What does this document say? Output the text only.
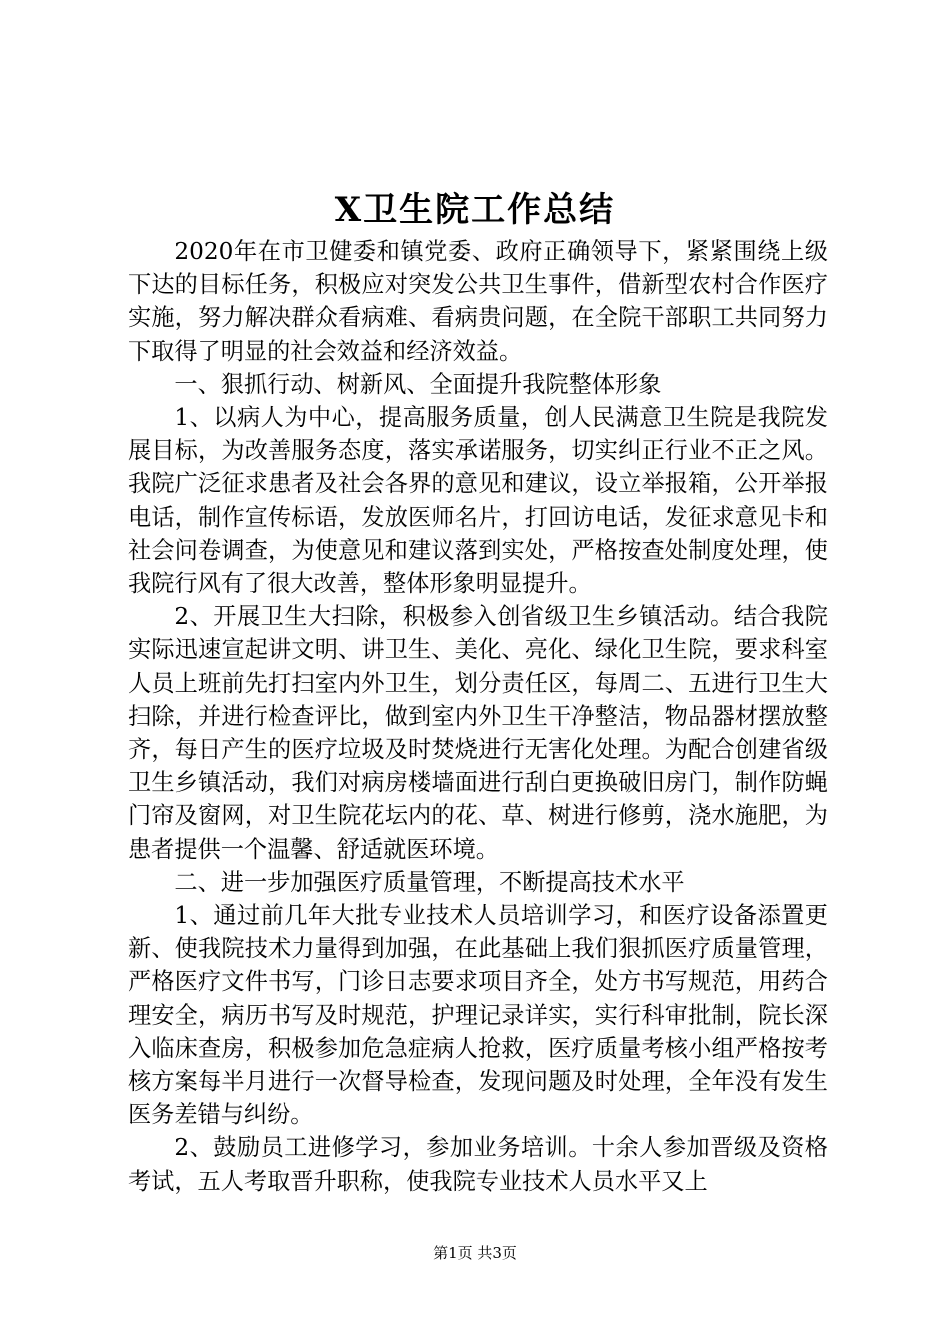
X卫生院工作总结

2020年在市卫健委和镇党委、政府正确领导下，紧紧围绕上级下达的目标任务，积极应对突发公共卫生事件，借新型农村合作医疗实施，努力解决群众看病难、看病贵问题，在全院干部职工共同努力下取得了明显的社会效益和经济效益。

一、狠抓行动、树新风、全面提升我院整体形象

1、以病人为中心，提高服务质量，创人民满意卫生院是我院发展目标，为改善服务态度，落实承诺服务，切实纠正行业不正之风。我院广泛征求患者及社会各界的意见和建议，设立举报箱，公开举报电话，制作宣传标语，发放医师名片，打回访电话，发征求意见卡和社会问卷调查，为使意见和建议落到实处，严格按查处制度处理，使我院行风有了很大改善，整体形象明显提升。

2、开展卫生大扫除，积极参入创省级卫生乡镇活动。结合我院实际迅速宣起讲文明、讲卫生、美化、亮化、绿化卫生院，要求科室人员上班前先打扫室内外卫生，划分责任区，每周二、五进行卫生大扫除，并进行检查评比，做到室内外卫生干净整洁，物品器材摆放整齐，每日产生的医疗垃圾及时焚烧进行无害化处理。为配合创建省级卫生乡镇活动，我们对病房楼墙面进行刮白更换破旧房门，制作防蝇门帘及窗网，对卫生院花坛内的花、草、树进行修剪，浇水施肥，为患者提供一个温馨、舒适就医环境。

二、进一步加强医疗质量管理，不断提高技术水平

1、通过前几年大批专业技术人员培训学习，和医疗设备添置更新、使我院技术力量得到加强，在此基础上我们狠抓医疗质量管理，严格医疗文件书写，门诊日志要求项目齐全，处方书写规范，用药合理安全，病历书写及时规范，护理记录详实，实行科审批制，院长深入临床查房，积极参加危急症病人抢救，医疗质量考核小组严格按考核方案每半月进行一次督导检查，发现问题及时处理，全年没有发生医务差错与纠纷。

2、鼓励员工进修学习，参加业务培训。十余人参加晋级及资格考试，五人考取晋升职称，使我院专业技术人员水平又上

第1页 共3页
